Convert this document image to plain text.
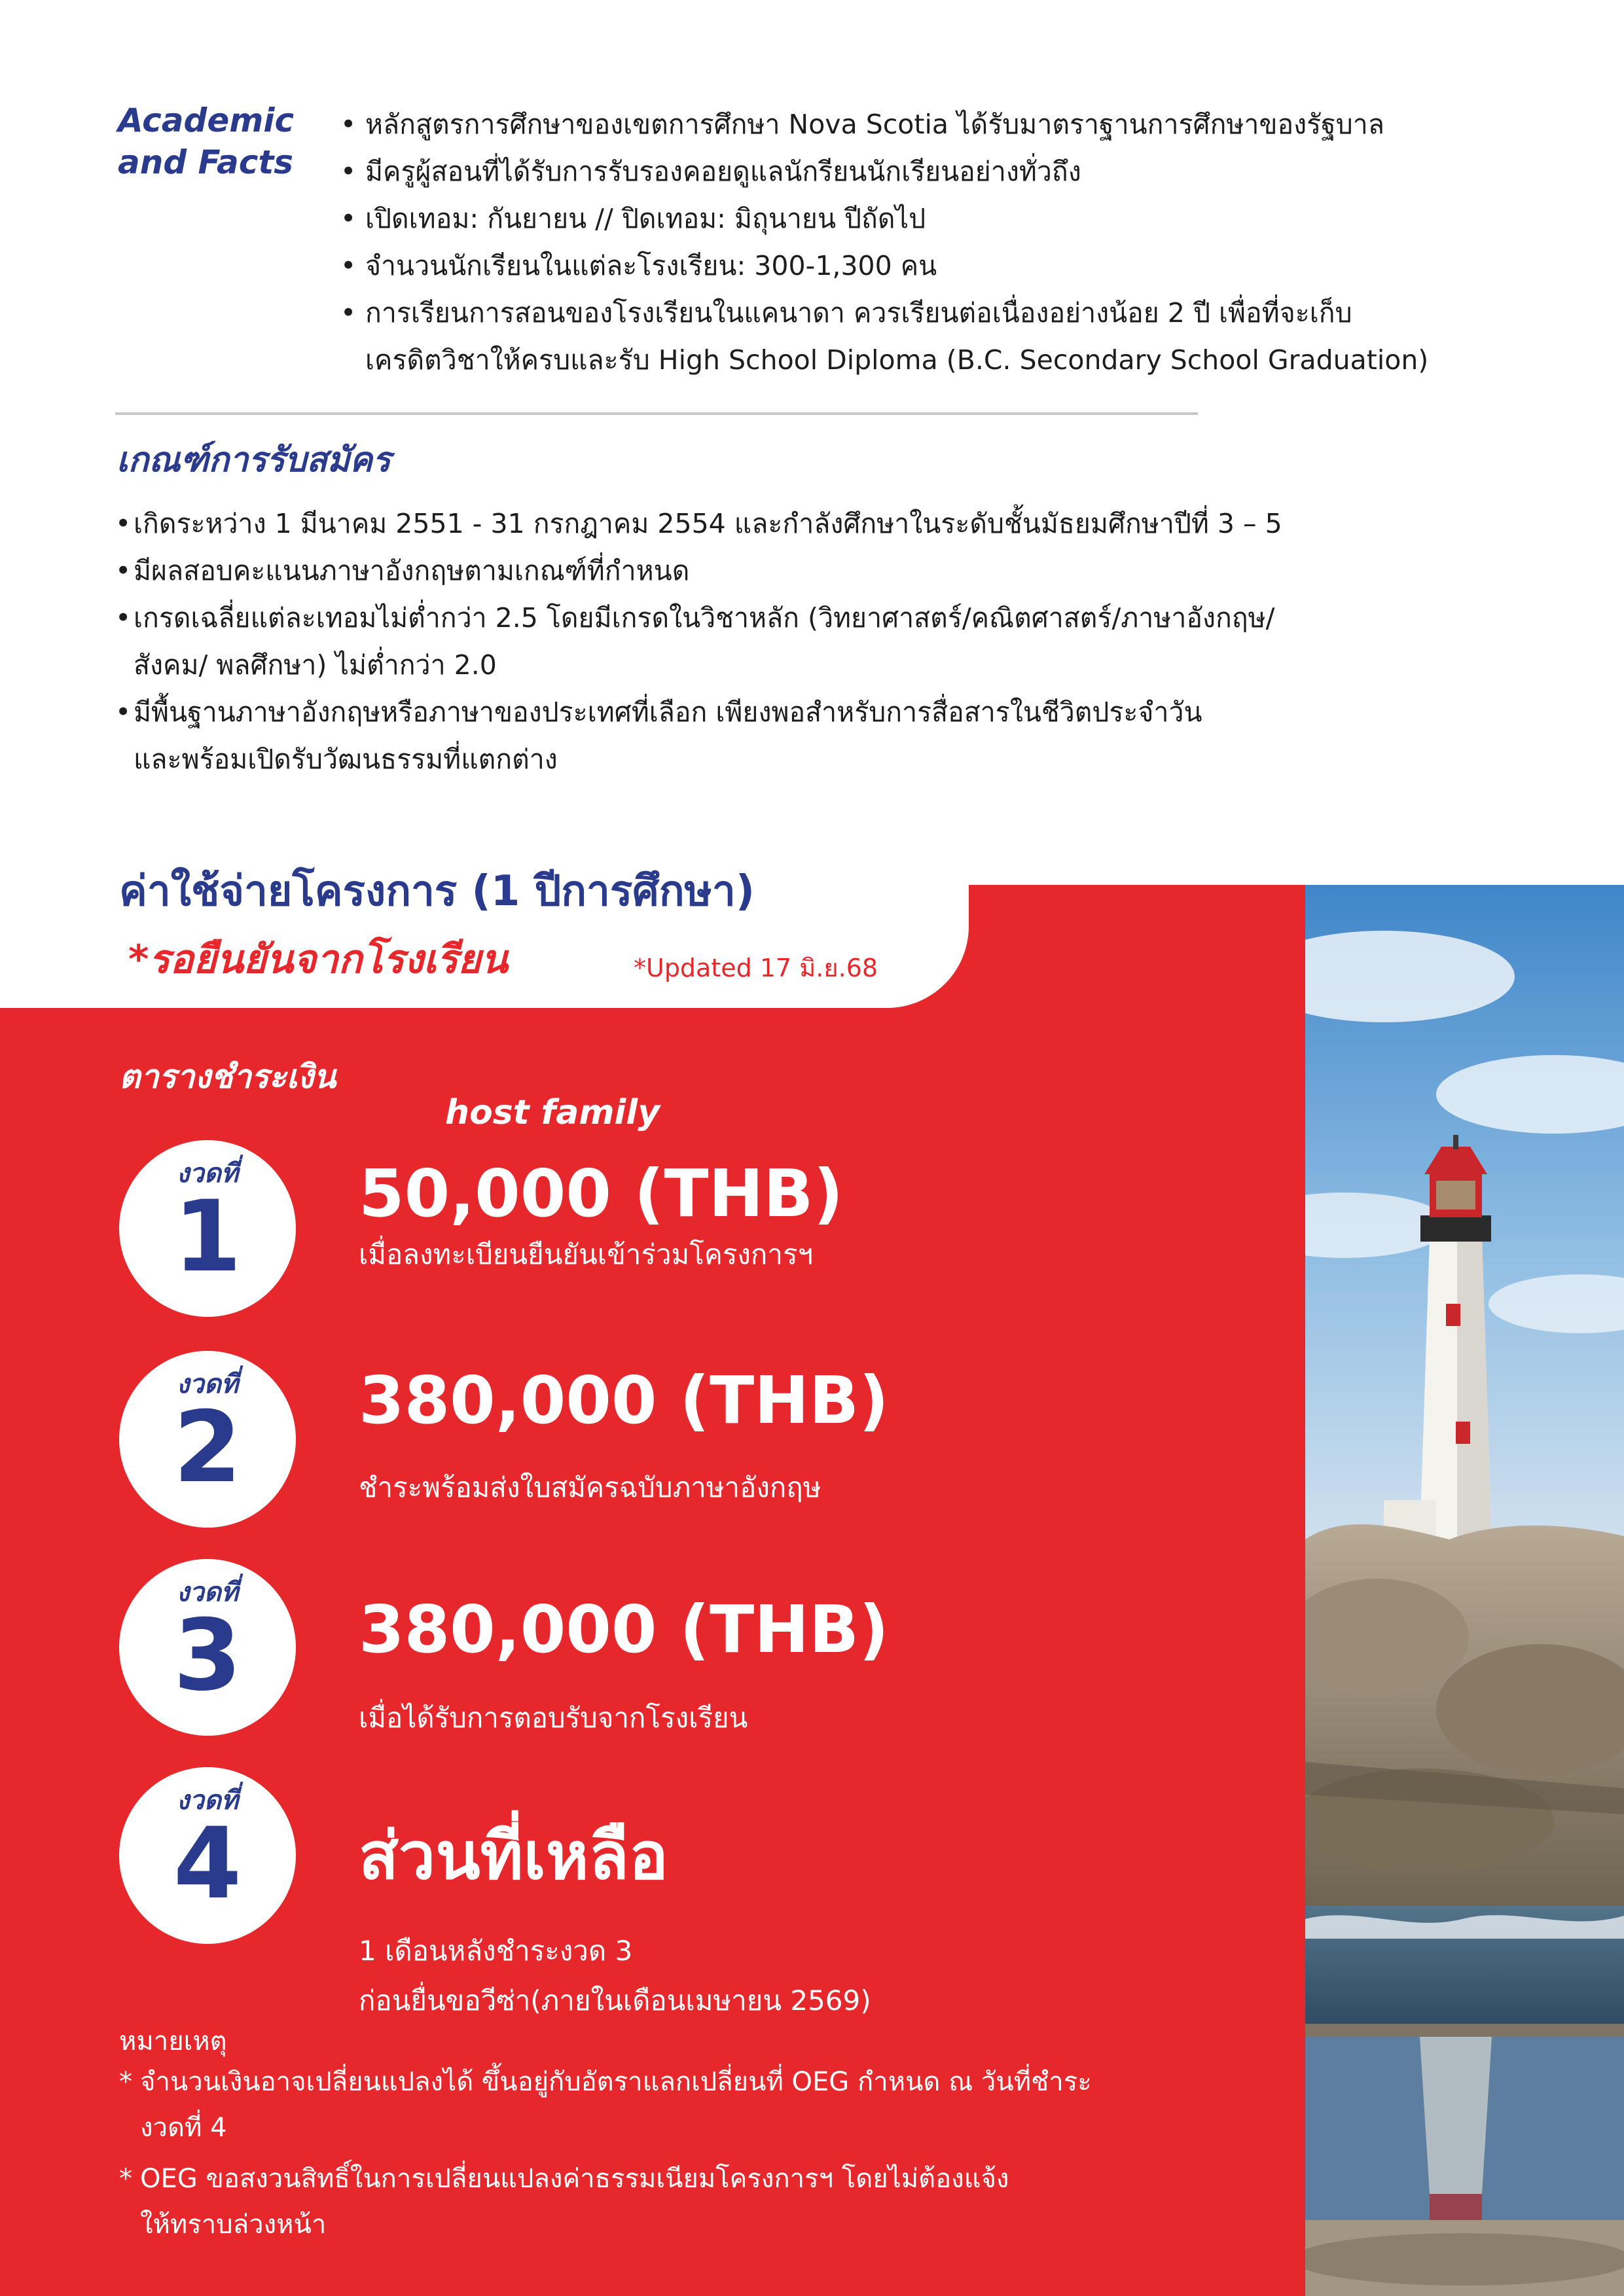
Academic
and Facts
• หลักสูตรการศึกษาของเขตการศึกษา Nova Scotia ได้รับมาตราฐานการศึกษาของรัฐบาล
• มีครูผู้สอนที่ได้รับการรับรองคอยดูแลนักรียนนักเรียนอย่างทั่วถึง
• เปิดเทอม: กันยายน // ปิดเทอม: มิถุนายน ปีถัดไป
• จำนวนนักเรียนในแต่ละโรงเรียน: 300-1,300 คน
• การเรียนการสอนของโรงเรียนในแคนาดา ควรเรียนต่อเนื่องอย่างน้อย 2 ปี เพื่อที่จะเก็บ
เครดิตวิชาให้ครบและรับ High School Diploma (B.C. Secondary School Graduation)
เกณฑ์การรับสมัคร
• เกิดระหว่าง 1 มีนาคม 2551 - 31 กรกฎาคม 2554 และกำลังศึกษาในระดับชั้นมัธยมศึกษาปีที่ 3 – 5
• มีผลสอบคะแนนภาษาอังกฤษตามเกณฑ์ที่กำหนด
• เกรดเฉลี่ยแต่ละเทอมไม่ต่ำกว่า 2.5 โดยมีเกรดในวิชาหลัก (วิทยาศาสตร์/คณิตศาสตร์/ภาษาอังกฤษ/
สังคม/ พลศึกษา) ไม่ต่ำกว่า 2.0
• มีพื้นฐานภาษาอังกฤษหรือภาษาของประเทศที่เลือก เพียงพอสำหรับการสื่อสารในชีวิตประจำวัน
และพร้อมเปิดรับวัฒนธรรมที่แตกต่าง
ค่าใช้จ่ายโครงการ (1 ปีการศึกษา)
*รอยืนยันจากโรงเรียน	*Updated 17 มิ.ย.68
ตารางชำระเงิน
host family
งวดที่
1 50,000 (THB)
เมื่อลงทะเบียนยืนยันเข้าร่วมโครงการฯ
งวดที่
2 380,000 (THB)
ชำระพร้อมส่งใบสมัครฉบับภาษาอังกฤษ
งวดที่
3 380,000 (THB)
เมื่อได้รับการตอบรับจากโรงเรียน
งวดที่
4 ส่วนที่เหลือ
1 เดือนหลังชำระงวด 3
ก่อนยื่นขอวีซ่า(ภายในเดือนเมษายน 2569)
หมายเหตุ
* จำนวนเงินอาจเปลี่ยนแปลงได้ ขึ้นอยู่กับอัตราแลกเปลี่ยนที่ OEG กำหนด ณ วันที่ชำระ
งวดที่ 4
* OEG ขอสงวนสิทธิ์ในการเปลี่ยนแปลงค่าธรรมเนียมโครงการฯ โดยไม่ต้องแจ้ง
ให้ทราบล่วงหน้า
